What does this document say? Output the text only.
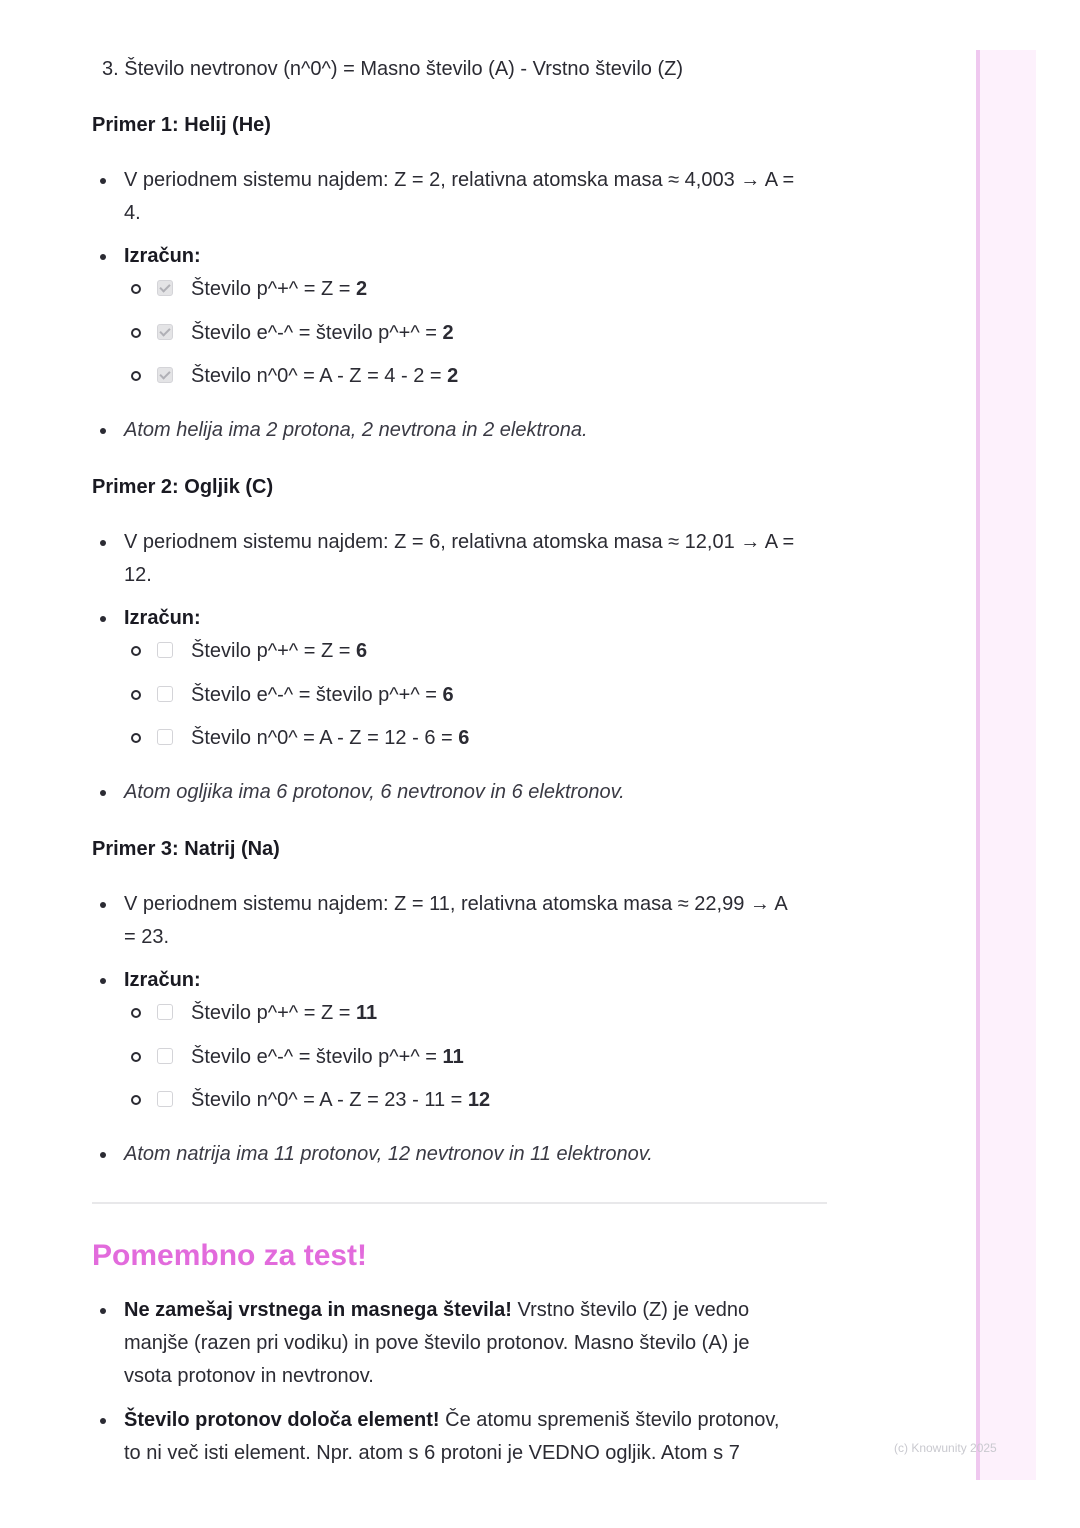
(c) Knowunity 2025
3. Število nevtronov (n^0^) = Masno število (A) - Vrstno število (Z)
Primer 1: Helij (He)
V periodnem sistemu najdem: Z = 2, relativna atomska masa ≈ 4,003 → A =
4.
Izračun:
Število p^+^ = Z = 2
Število e^-^ = število p^+^ = 2
Število n^0^ = A - Z = 4 - 2 = 2
Atom helija ima 2 protona, 2 nevtrona in 2 elektrona.
Primer 2: Ogljik (C)
V periodnem sistemu najdem: Z = 6, relativna atomska masa ≈ 12,01 → A =
12.
Izračun:
Število p^+^ = Z = 6
Število e^-^ = število p^+^ = 6
Število n^0^ = A - Z = 12 - 6 = 6
Atom ogljika ima 6 protonov, 6 nevtronov in 6 elektronov.
Primer 3: Natrij (Na)
V periodnem sistemu najdem: Z = 11, relativna atomska masa ≈ 22,99 → A
= 23.
Izračun:
Število p^+^ = Z = 11
Število e^-^ = število p^+^ = 11
Število n^0^ = A - Z = 23 - 11 = 12
Atom natrija ima 11 protonov, 12 nevtronov in 11 elektronov.
Pomembno za test!
Ne zamešaj vrstnega in masnega števila! Vrstno število (Z) je vedno
manjše (razen pri vodiku) in pove število protonov. Masno število (A) je
vsota protonov in nevtronov.
Število protonov določa element! Če atomu spremeniš število protonov,
to ni več isti element. Npr. atom s 6 protoni je VEDNO ogljik. Atom s 7
